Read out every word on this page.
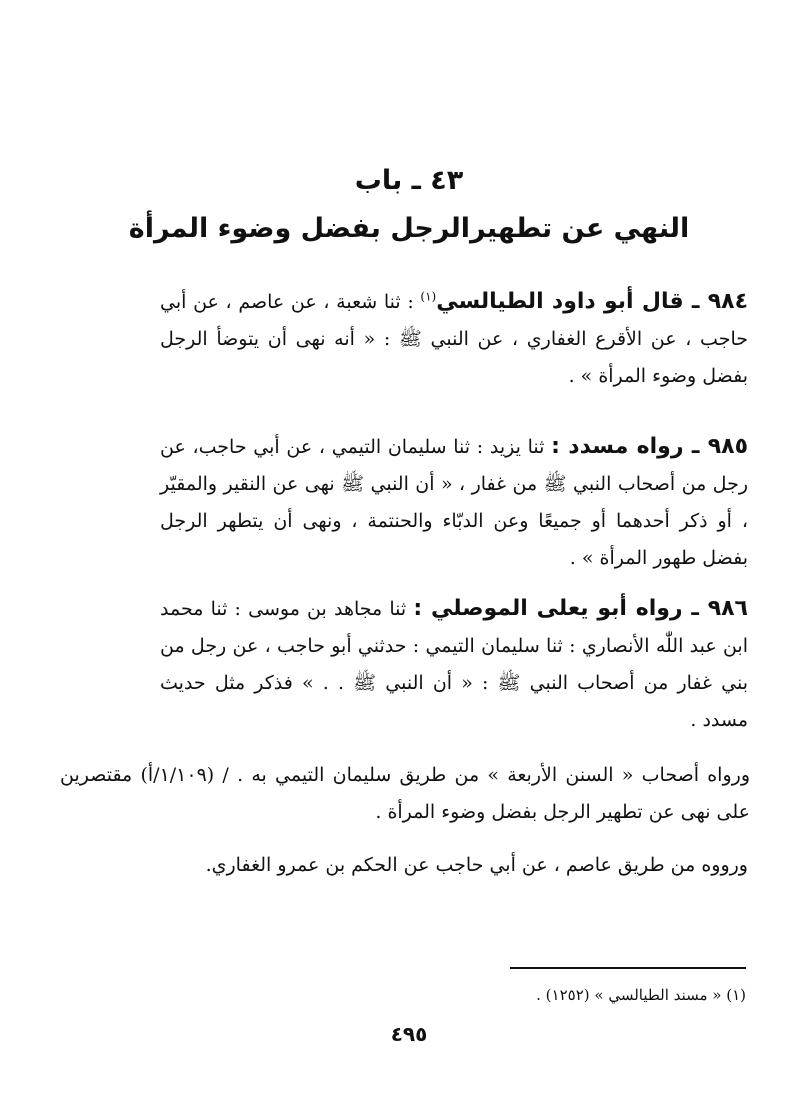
٤٣ ـ باب
النهي عن تطهيرالرجل بفضل وضوء المرأة
٩٨٤ ـ قال أبو داود الطيالسي$^{(١)}$ : ثنا شعبة ، عن عاصم ، عن أبي حاجب ، عن الأقرع الغفاري ، عن النبي ﷺ : « أنه نهى أن يتوضأ الرجل بفضل وضوء المرأة » .
٩٨٥ ـ رواه مسدد : ثنا يزيد : ثنا سليمان التيمي ، عن أبي حاجب، عن رجل من أصحاب النبي ﷺ من غفار ، « أن النبي ﷺ نهى عن النقير والمقيّر ، أو ذكر أحدهما أو جميعًا وعن الدبّاء والحنتمة ، ونهى أن يتطهر الرجل بفضل طهور المرأة » .
٩٨٦ ـ رواه أبو يعلى الموصلي : ثنا مجاهد بن موسى : ثنا محمد ابن عبد اللّٰه الأنصاري : ثنا سليمان التيمي : حدثني أبو حاجب ، عن رجل من بني غفار من أصحاب النبي ﷺ : « أن النبي ﷺ . . » فذكر مثل حديث مسدد .
ورواه أصحاب « السنن الأربعة » من طريق سليمان التيمي به . / (١/١٠٩/أ) مقتصرين على نهى عن تطهير الرجل بفضل وضوء المرأة .
ورووه من طريق عاصم ، عن أبي حاجب عن الحكم بن عمرو الغفاري.
(١) « مسند الطيالسي » (١٢٥٢) .
٤٩٥
